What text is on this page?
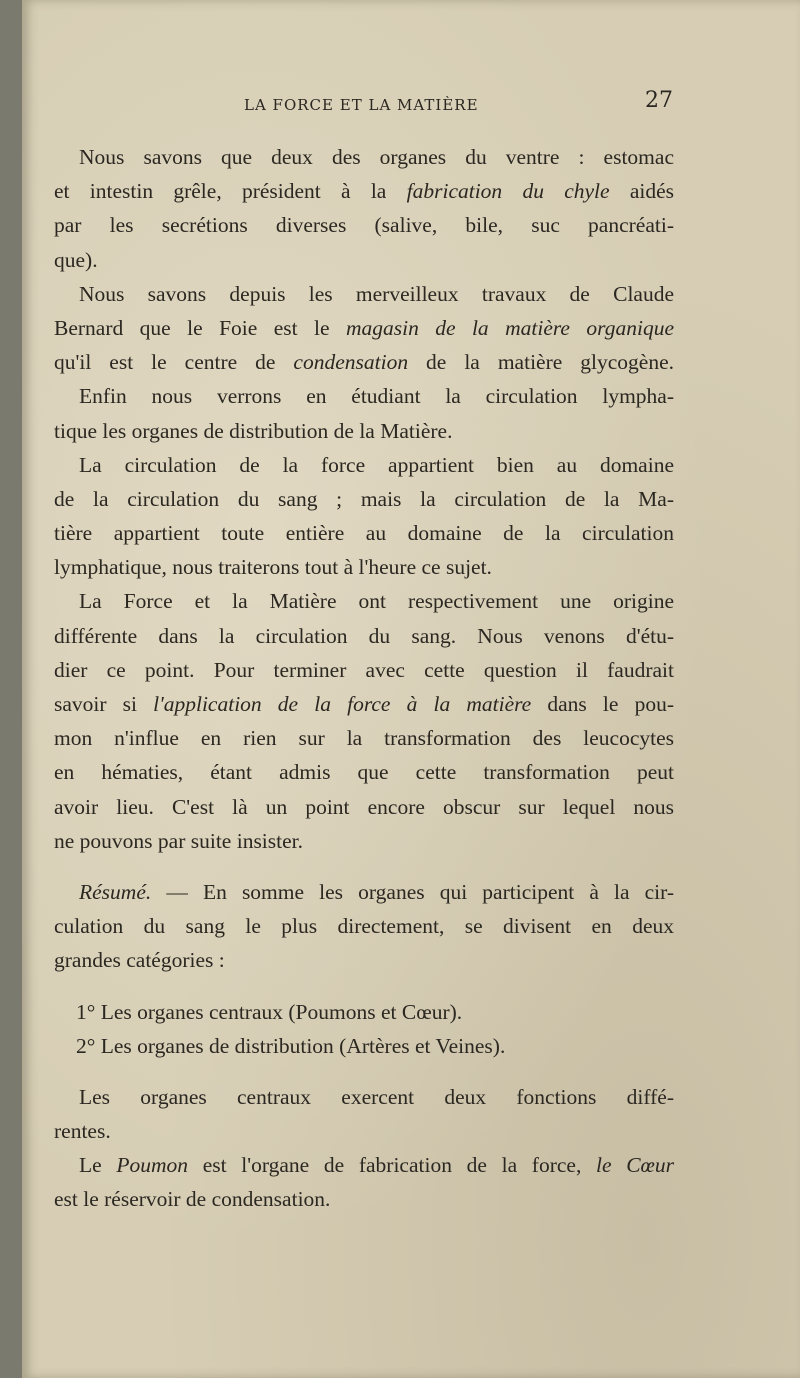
LA FORCE ET LA MATIÈRE	27
Nous savons que deux des organes du ventre : estomac
et intestin grêle, président à la fabrication du chyle aidés
par les secrétions diverses (salive, bile, suc pancréati-
que).
Nous savons depuis les merveilleux travaux de Claude
Bernard que le Foie est le magasin de la matière organique
qu'il est le centre de condensation de la matière glycogène.
Enfin nous verrons en étudiant la circulation lympha-
tique les organes de distribution de la Matière.
La circulation de la force appartient bien au domaine
de la circulation du sang ; mais la circulation de la Ma-
tière appartient toute entière au domaine de la circulation
lymphatique, nous traiterons tout à l'heure ce sujet.
La Force et la Matière ont respectivement une origine
différente dans la circulation du sang. Nous venons d'étu-
dier ce point. Pour terminer avec cette question il faudrait
savoir si l'application de la force à la matière dans le pou-
mon n'influe en rien sur la transformation des leucocytes
en hématies, étant admis que cette transformation peut
avoir lieu. C'est là un point encore obscur sur lequel nous
ne pouvons par suite insister.
Résumé. — En somme les organes qui participent à la cir-
culation du sang le plus directement, se divisent en deux
grandes catégories :
1° Les organes centraux (Poumons et Cœur).
2° Les organes de distribution (Artères et Veines).
Les organes centraux exercent deux fonctions diffé-
rentes.
Le Poumon est l'organe de fabrication de la force, le Cœur
est le réservoir de condensation.
